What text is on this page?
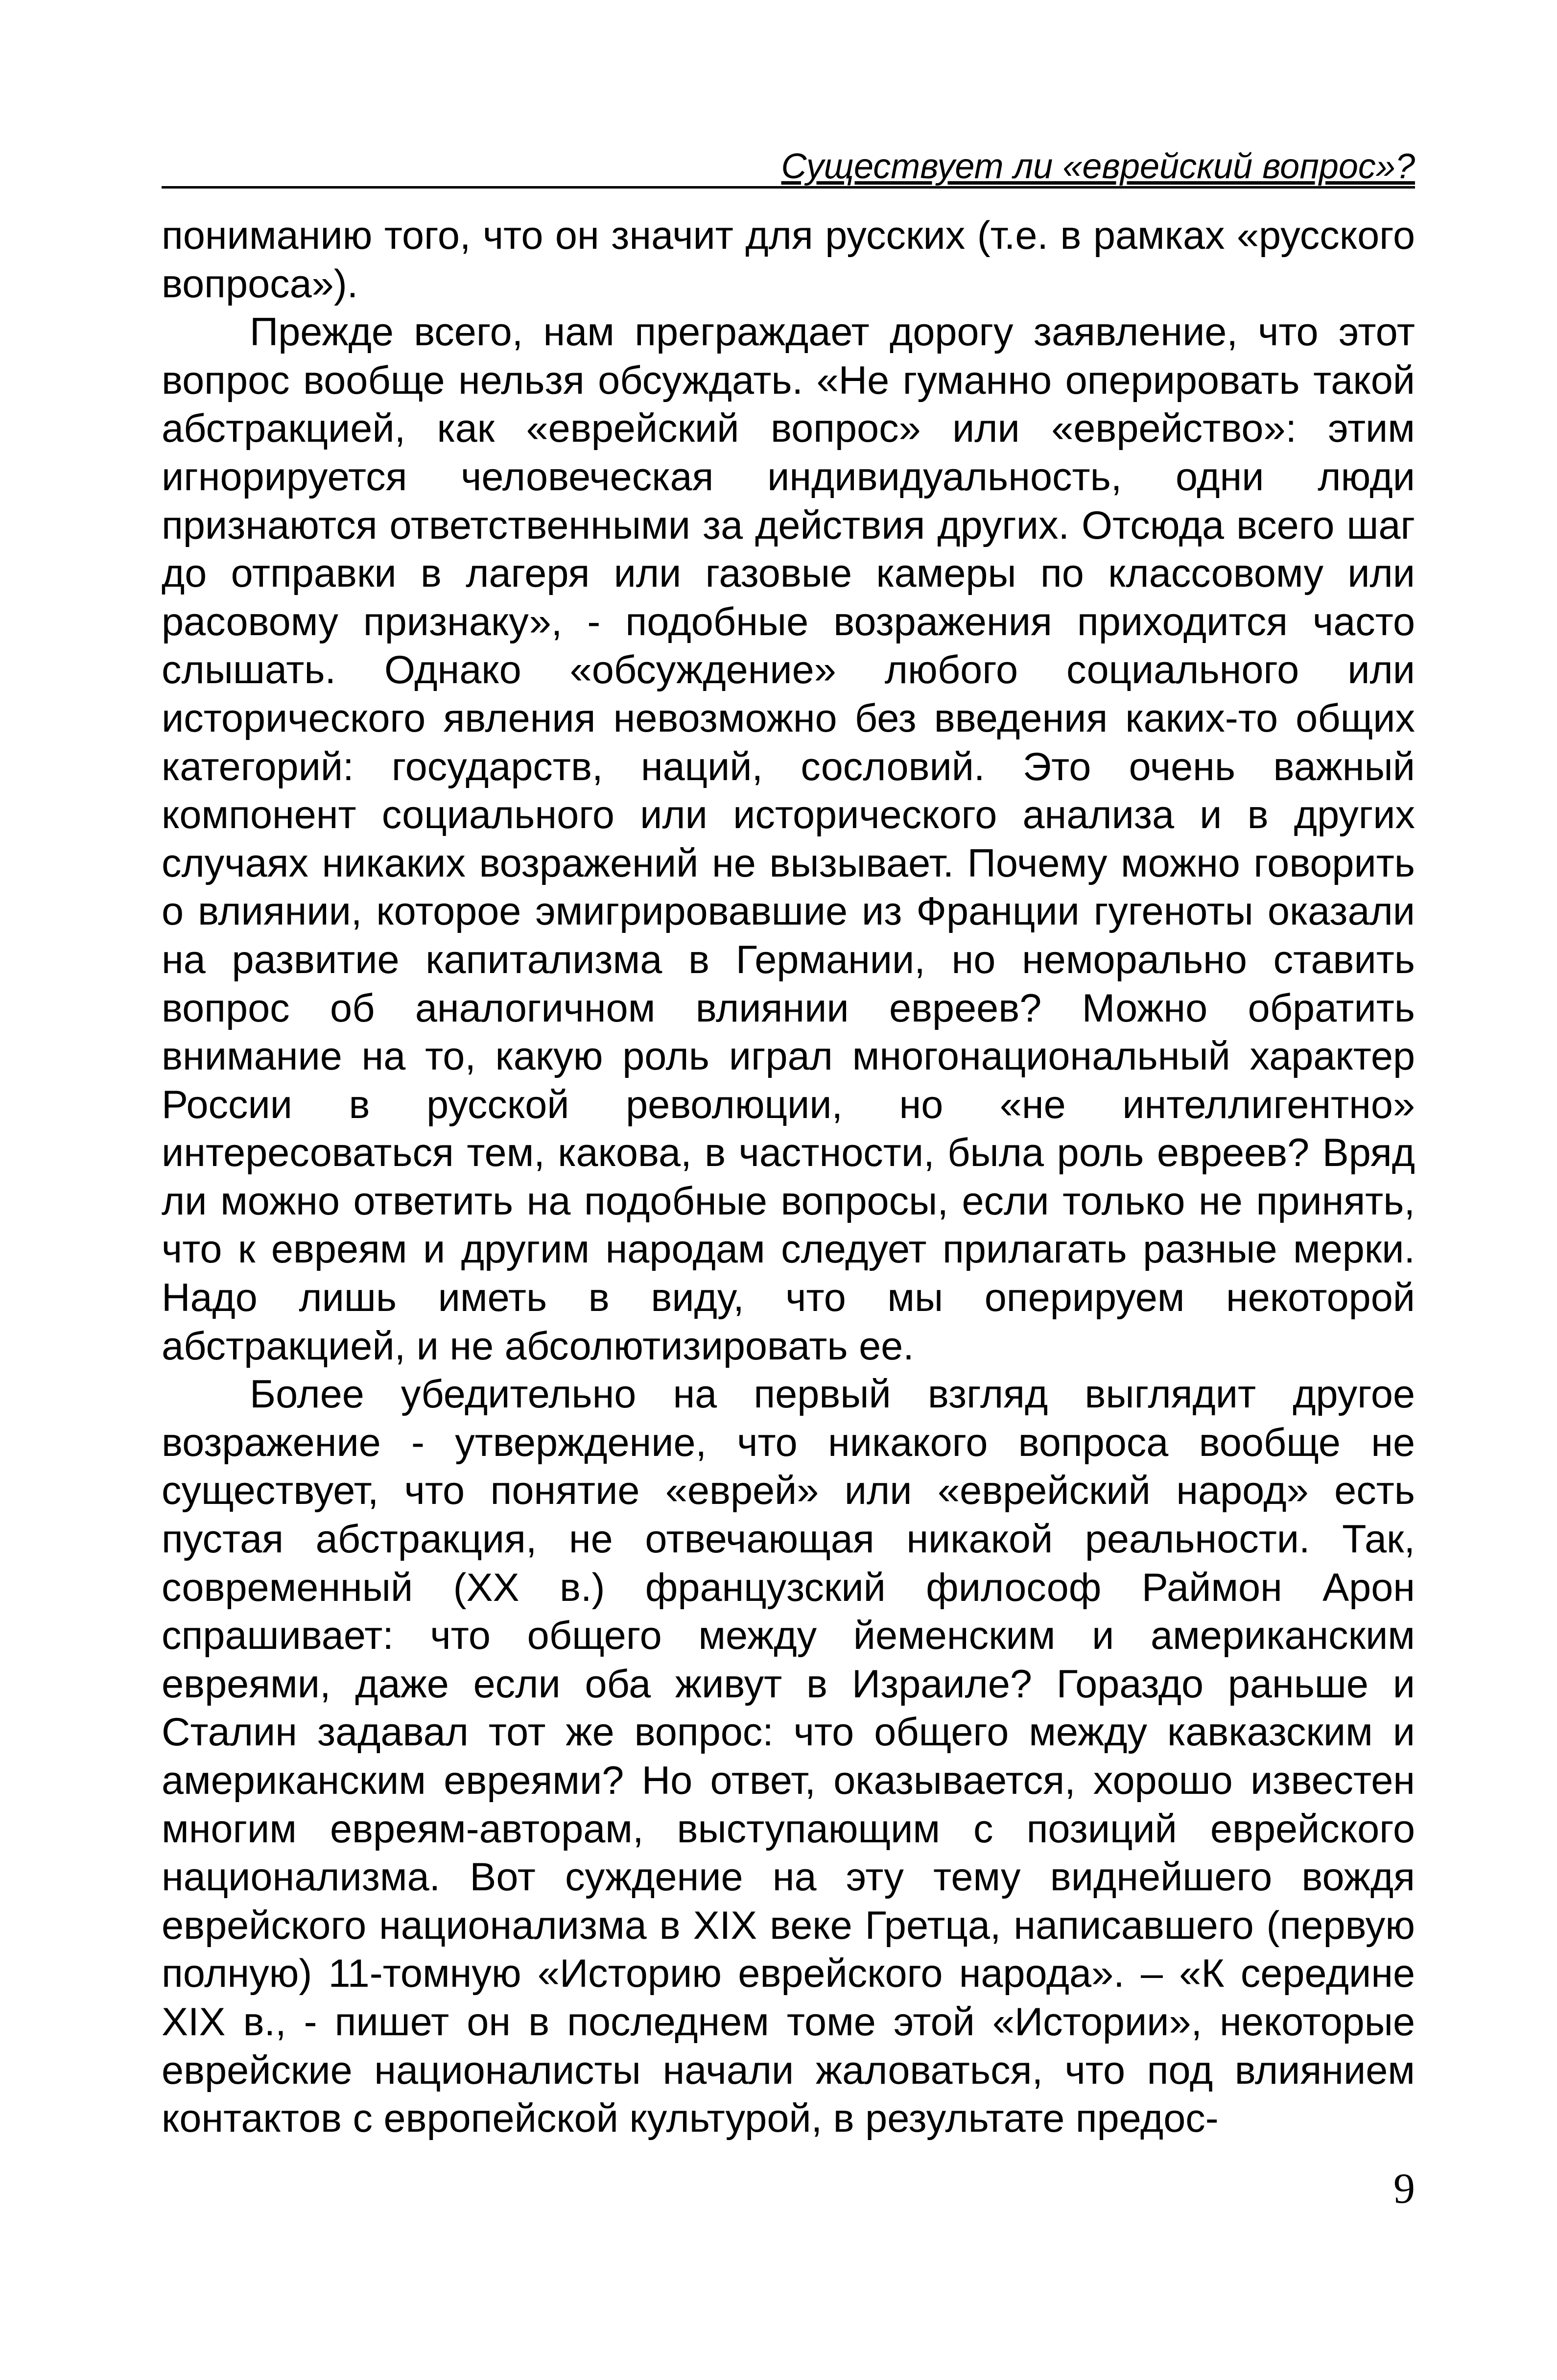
Существует ли «еврейский вопрос»?

пониманию того, что он значит для русских (т.е. в рамках «русского вопроса»).

Прежде всего, нам преграждает дорогу заявление, что этот вопрос вообще нельзя обсуждать. «Не гуманно оперировать такой абстракцией, как «еврейский вопрос» или «еврейство»: этим игнорируется человеческая индивидуальность, одни люди признаются ответственными за действия других. Отсюда всего шаг до отправки в лагеря или газовые камеры по классовому или расовому признаку», - подобные возражения приходится часто слышать. Однако «обсуждение» любого социального или исторического явления невозможно без введения каких-то общих категорий: государств, наций, сословий. Это очень важный компонент социального или исторического анализа и в других случаях никаких возражений не вызывает. Почему можно говорить о влиянии, которое эмигрировавшие из Франции гугеноты оказали на развитие капитализма в Германии, но неморально ставить вопрос об аналогичном влиянии евреев? Можно обратить внимание на то, какую роль играл многонациональный характер России в русской революции, но «не интеллигентно» интересоваться тем, какова, в частности, была роль евреев? Вряд ли можно ответить на подобные вопросы, если только не принять, что к евреям и другим народам следует прилагать разные мерки. Надо лишь иметь в виду, что мы оперируем некоторой абстракцией, и не абсолютизировать ее.

Более убедительно на первый взгляд выглядит другое возражение - утверждение, что никакого вопроса вообще не существует, что понятие «еврей» или «еврейский народ» есть пустая абстракция, не отвечающая никакой реальности. Так, современный (XX в.) французский философ Раймон Арон спрашивает: что общего между йеменским и американским евреями, даже если оба живут в Израиле? Гораздо раньше и Сталин задавал тот же вопрос: что общего между кавказским и американским евреями? Но ответ, оказывается, хорошо известен многим евреям-авторам, выступающим с позиций еврейского национализма. Вот суждение на эту тему виднейшего вождя еврейского национализма в XIX веке Гретца, написавшего (первую полную) 11-томную «Историю еврейского народа». – «К середине XIX в., - пишет он в последнем томе этой «Истории», некоторые еврейские националисты начали жаловаться, что под влиянием контактов с европейской культурой, в результате предос-

9
